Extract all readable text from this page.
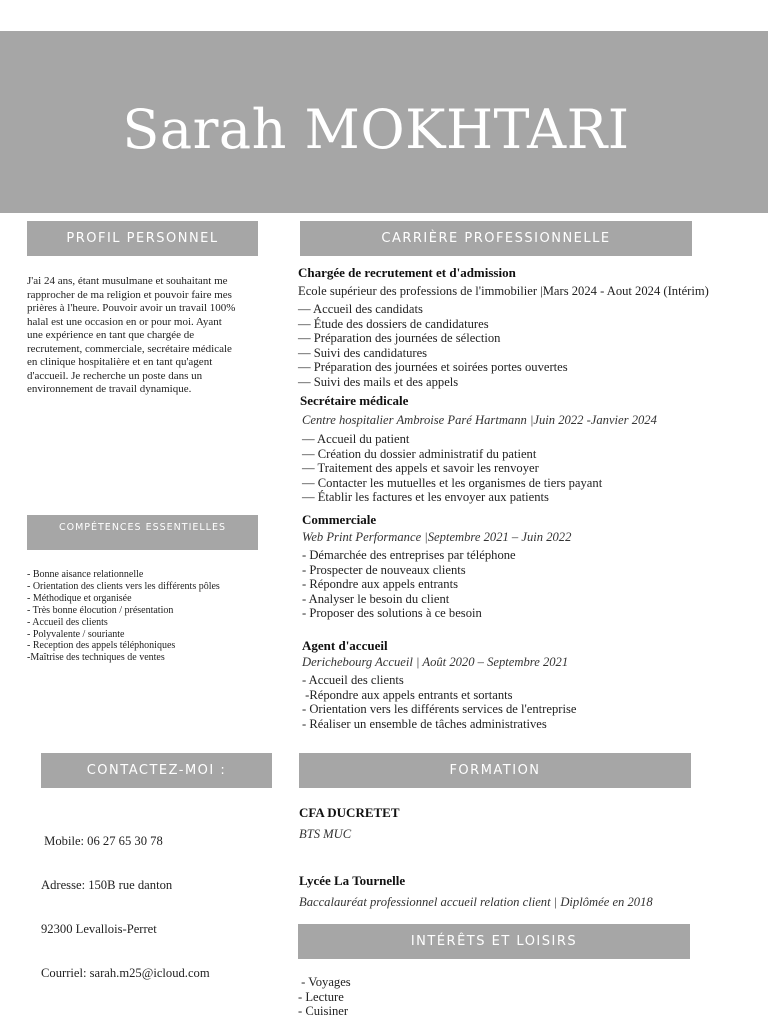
Sarah MOKHTARI
PROFIL PERSONNEL
J'ai 24 ans, étant musulmane et souhaitant me
rapprocher de ma religion et pouvoir faire mes
prières à l'heure. Pouvoir avoir un travail 100%
halal est une occasion en or pour moi. Ayant
une expérience en tant que chargée de
recrutement, commerciale, secrétaire médicale
en clinique hospitalière et en tant qu'agent
d'accueil. Je recherche un poste dans un
environnement de travail dynamique.
COMPÉTENCES ESSENTIELLES
- Bonne aisance relationnelle
- Orientation des clients vers les différents pôles
- Méthodique et organisée
- Très bonne élocution / présentation
- Accueil des clients
- Polyvalente / souriante
- Reception des appels téléphoniques
-Maîtrise des techniques de ventes
CONTACTEZ-MOI :

Mobile: 06 27 65 30 78

Adresse: 150B rue danton

92300 Levallois-Perret

Courriel: sarah.m25@icloud.com

CARRIÈRE PROFESSIONNELLE
Chargée de recrutement et d'admission
Ecole supérieur des professions de l'immobilier |Mars 2024 - Aout 2024 (Intérim)
— Accueil des candidats
— Étude des dossiers de candidatures
— Préparation des journées de sélection
— Suivi des candidatures
— Préparation des journées et soirées portes ouvertes
— Suivi des mails et des appels
Secrétaire médicale
Centre hospitalier Ambroise Paré Hartmann |Juin 2022 -Janvier 2024
— Accueil du patient
— Création du dossier administratif du patient
— Traitement des appels et savoir les renvoyer
— Contacter les mutuelles et les organismes de tiers payant
— Établir les factures et les envoyer aux patients
Commerciale
Web Print Performance |Septembre 2021 – Juin 2022
- Démarchée des entreprises par téléphone
- Prospecter de nouveaux clients
- Répondre aux appels entrants
- Analyser le besoin du client
- Proposer des solutions à ce besoin
Agent d'accueil
Derichebourg Accueil | Août 2020 – Septembre 2021
- Accueil des clients
-Répondre aux appels entrants et sortants
- Orientation vers les différents services de l'entreprise
- Réaliser un ensemble de tâches administratives
FORMATION
CFA DUCRETET
BTS MUC
Lycée La Tournelle
Baccalauréat professionnel accueil relation client | Diplômée en 2018
INTÉRÊTS ET LOISIRS
- Voyages
- Lecture
- Cuisiner
